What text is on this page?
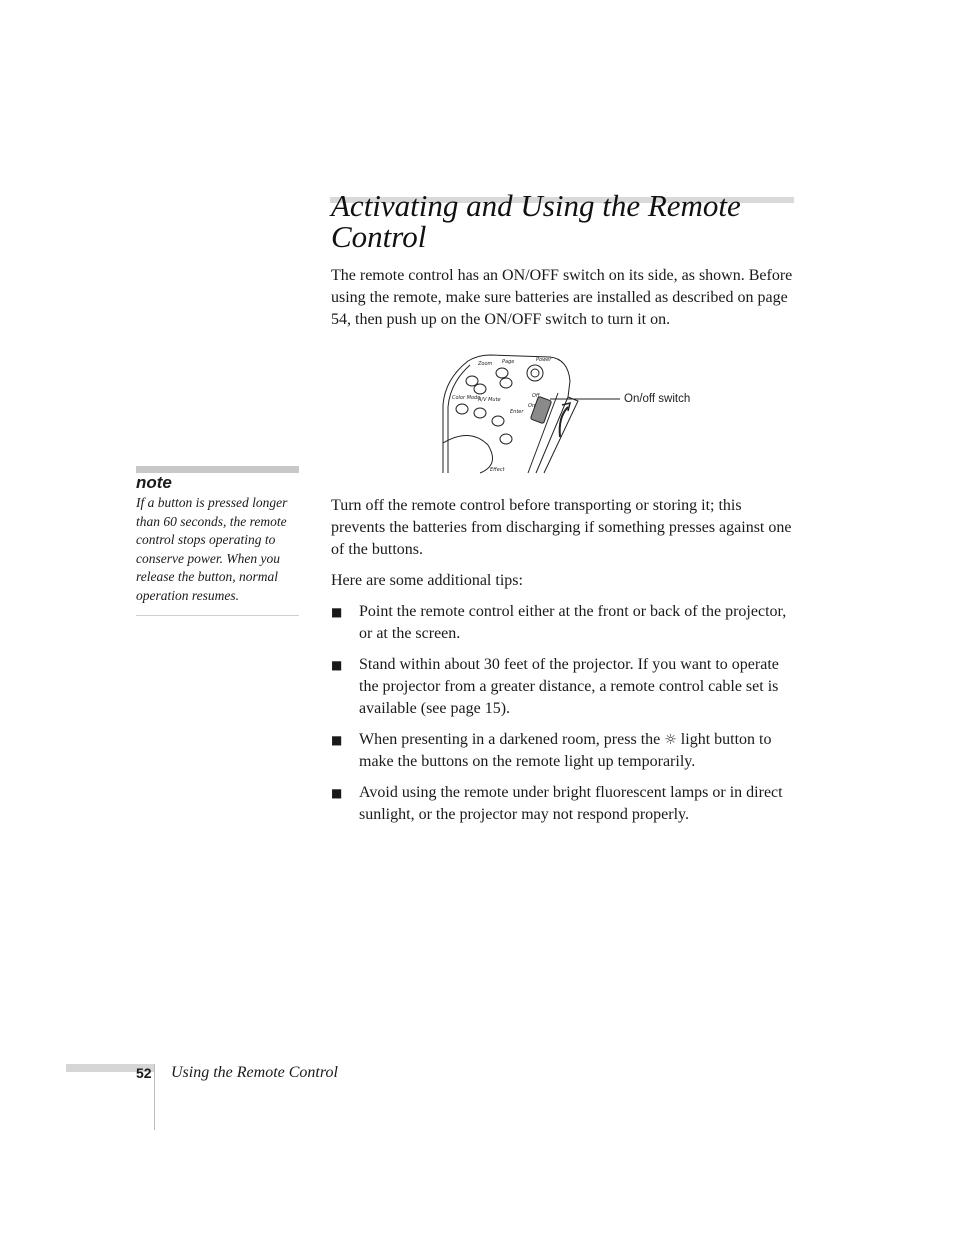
Activating and Using the Remote Control

The remote control has an ON/OFF switch on its side, as shown. Before using the remote, make sure batteries are installed as described on page 54, then push up on the ON/OFF switch to turn it on.

Zoom Page	Power
Color Mode
A/V Mute
Enter
Effect
Off
On
On/off switch

note

If a button is pressed longer than 60 seconds, the remote control stops operating to conserve power. When you release the button, normal operation resumes.

Turn off the remote control before transporting or storing it; this prevents the batteries from discharging if something presses against one of the buttons.

Here are some additional tips:

■ Point the remote control either at the front or back of the projector, or at the screen.
■ Stand within about 30 feet of the projector. If you want to operate the projector from a greater distance, a remote control cable set is available (see page 15).
■ When presenting in a darkened room, press the ☼ light button to make the buttons on the remote light up temporarily.
■ Avoid using the remote under bright fluorescent lamps or in direct sunlight, or the projector may not respond properly.

52 Using the Remote Control
